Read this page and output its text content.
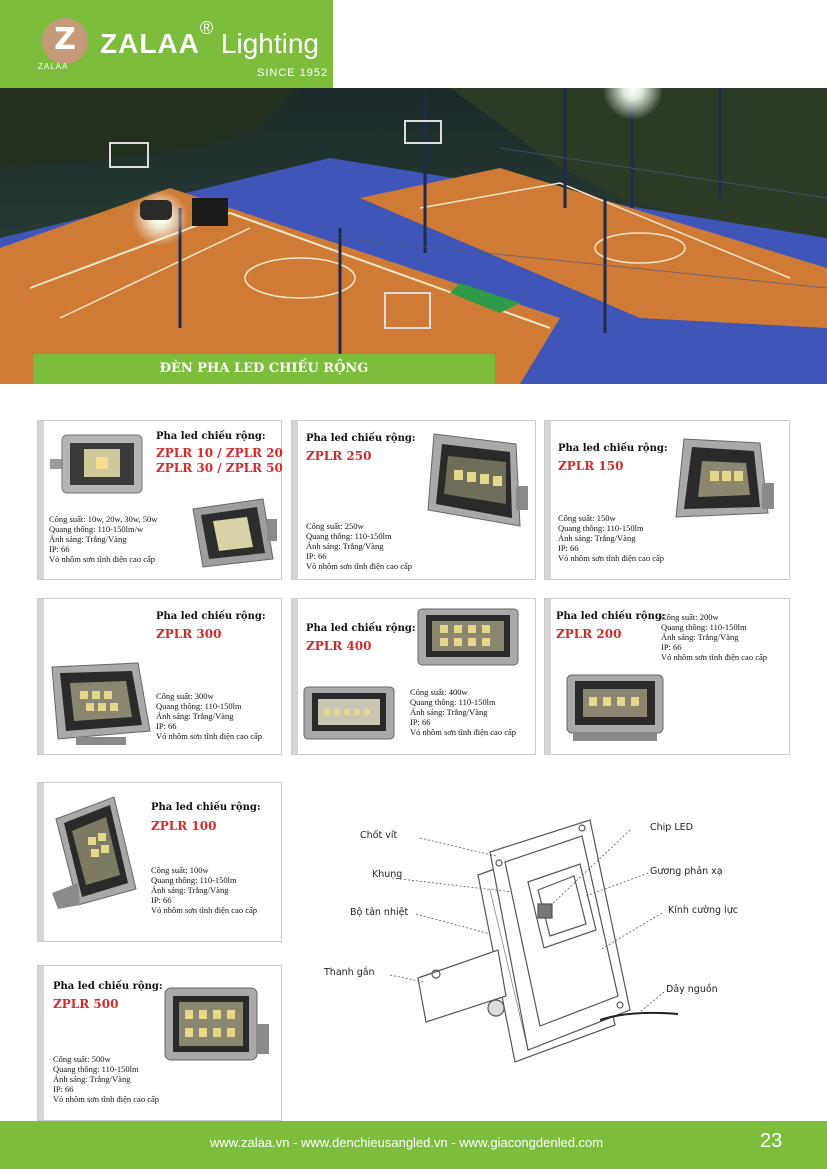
Z
ZALAA
ZALAA® Lighting
SINCE 1952
ĐÈN PHA LED CHIẾU RỘNG
Pha led chiếu rộng:
ZPLR 10 / ZPLR 20
ZPLR 30 / ZPLR 50
Công suất: 10w, 20w, 30w, 50w
Quang thông: 110-150lm/w
Ánh sáng: Trắng/Vàng
IP: 66
Vỏ nhôm sơn tĩnh điện cao cấp
Pha led chiếu rộng:
ZPLR 250
Công suất: 250w
Quang thông: 110-150lm
Ánh sáng: Trắng/Vàng
IP: 66
Vỏ nhôm sơn tĩnh điện cao cấp
Pha led chiếu rộng:
ZPLR 150
Công suất: 150w
Quang thông: 110-150lm
Ánh sáng: Trắng/Vàng
IP: 66
Vỏ nhôm sơn tĩnh điện cao cấp
Pha led chiếu rộng:
ZPLR 300
Công suất: 300w
Quang thông: 110-150lm
Ánh sáng: Trắng/Vàng
IP: 66
Vỏ nhôm sơn tĩnh điện cao cấp
Pha led chiếu rộng:
ZPLR 400
Công suất: 400w
Quang thông: 110-150lm
Ánh sáng: Trắng/Vàng
IP: 66
Vỏ nhôm sơn tĩnh điện cao cấp
Pha led chiếu rộng:
ZPLR 200
Công suất: 200w
Quang thông: 110-150lm
Ánh sáng: Trắng/Vàng
IP: 66
Vỏ nhôm sơn tĩnh điện cao cấp
Pha led chiếu rộng:
ZPLR 100
Công suất: 100w
Quang thông: 110-150lm
Ánh sáng: Trắng/Vàng
IP: 66
Vỏ nhôm sơn tĩnh điện cao cấp
Pha led chiếu rộng:
ZPLR 500
Công suất: 500w
Quang thông: 110-150lm
Ánh sáng: Trắng/Vàng
IP: 66
Vỏ nhôm sơn tĩnh điện cao cấp
Chốt vít
Khung
Bộ tản nhiệt
Thanh gắn
Chip LED
Gương phản xạ
Kính cường lực
Dây nguồn
www.zalaa.vn - www.denchieusangled.vn - www.giacongdenled.com	23
